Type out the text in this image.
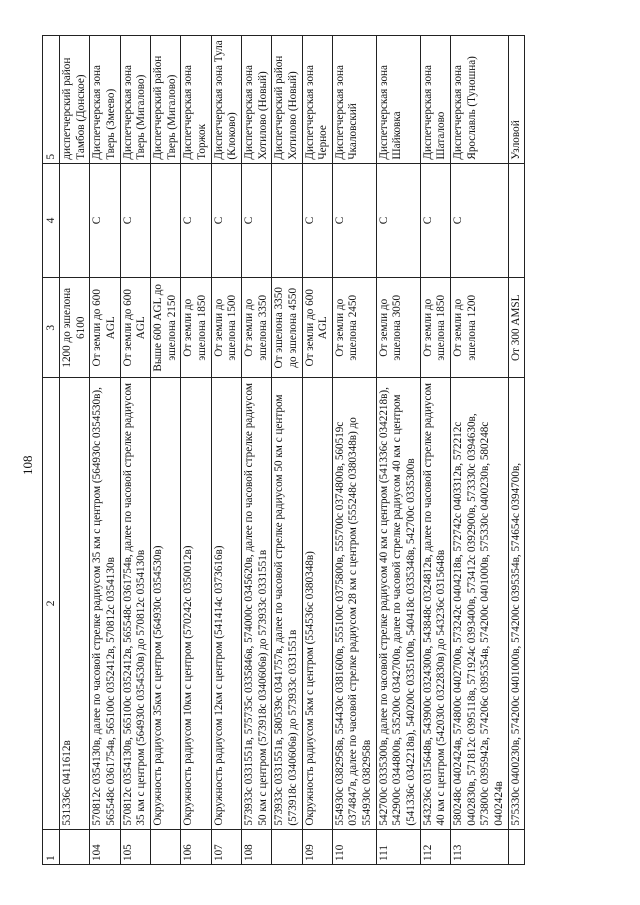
108
1	2	3	4	5
	531336с 0411612в	1200 до эшелона 6100		диспетчерский район Тамбов (Донское)
104	570812с 0354130в, далее по часовой стрелке радиусом 35 км с центром (564930с 0354530в), 565548с 0361754в, 565100с 0352412в, 570812с 0354130в	От земли до 600 AGL	С	Диспетчерская зона Тверь (Змеево)
105	570812с 0354130в, 565100с 0352412в, 565548с 0361754в, далее по часовой стрелке радиусом 35 км с центром (564930с 0354530в) до 570812с 0354130в	От земли до 600 AGL	С	Диспетчерская зона Тверь (Мигалово)
	Окружность радиусом 35км с центром (564930с 0354530в)	Выше 600 AGL до эшелона 2150		Диспетчерский район Тверь (Мигалово)
106	Окружность радиусом 10км с центром (570242с 0350012в)	От земли до эшелона 1850	С	Диспетчерская зона Торжок
107	Окружность радиусом 12км с центром (541414с 0373616в)	От земли до эшелона 1500	С	Диспетчерская зона Тула (Клоково)
108	573933с 0331551в, 575735с 0335846в, 574000с 0345620в, далее по часовой стрелке радиусом 50 км с центром (573918с 0340606в) до 573933с 0331551в	От земли до эшелона 3350	С	Диспетчерская зона Хотилово (Новый)
	573933с 0331551в, 580539с 0341757в, далее по часовой стрелке радиусом 50 км с центром (573918с 0340606в) до 573933с 0331551в	От эшелона 3350 до эшелона 4550		Диспетчерский район Хотилово (Новый)
109	Окружность радиусом 5км с центром (554536с 0380348в)	От земли до 600 AGL	С	Диспетчерская зона Черное
110	554930с 0382958в, 554430с 0381600в, 555100с 0375800в, 555700с 0374800в, 560519с 0374847в, далее по часовой стрелке радиусом 28 км с центром (555248с 0380348в) до 554930с 0382958в	От земли до эшелона 2450	С	Диспетчерская зона Чкаловский
111	542700с 0335300в, далее по часовой стрелке радиусом 40 км с центром (541336с 0342218в), 542900с 0344800в, 535200с 0342700в, далее по часовой стрелке радиусом 40 км с центром (541336с 0342218в), 540200с 0335100в, 540418с 0335348в, 542700с 0335300в	От земли до эшелона 3050	С	Диспетчерская зона Шайковка
112	543236с 0315648в, 543900с 0324300в, 543848с 0324812в, далее по часовой стрелке радиусом 40 км с центром (542030с 0322830в) до 543236с 0315648в	От земли до эшелона 1850	С	Диспетчерская зона Шаталово
113	580248с 0402424в, 574800с 0402700в, 573242с 0404218в, 572742с 0403312в, 572212с 0402830в, 571812с 0395118в, 571924с 0393400в, 573412с 0392900в, 573330с 0394630в, 573800с 0395942в, 574206с 0395354в, 574200с 0401000в, 575330с 0400230в, 580248с 0402424в	От земли до эшелона 1200	С	Диспетчерская зона Ярославль (Туношна)
	575330с 0400230в, 574200с 0401000в, 574200с 0395354в, 574654с 0394700в,	От 300 AMSL		Узловой
